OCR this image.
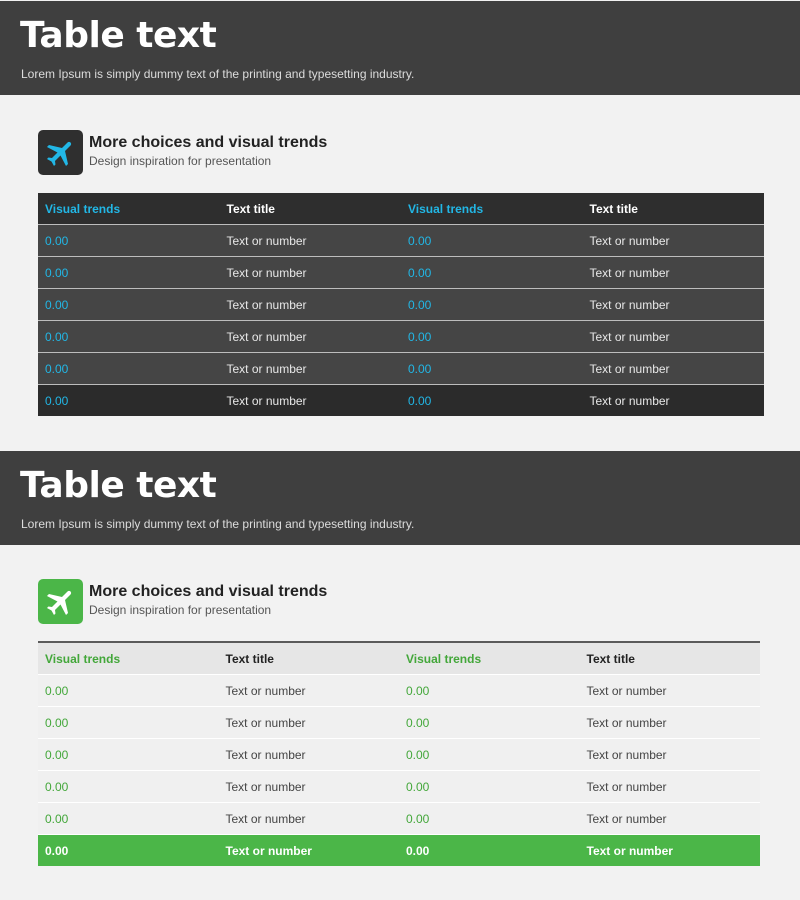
Table text
Lorem Ipsum is simply dummy text of the printing and typesetting industry.
More choices and visual trends
Design inspiration for presentation
Visual trends	Text title	Visual trends	Text title
0.00	Text or number	0.00	Text or number
0.00	Text or number	0.00	Text or number
0.00	Text or number	0.00	Text or number
0.00	Text or number	0.00	Text or number
0.00	Text or number	0.00	Text or number
0.00	Text or number	0.00	Text or number
Table text
Lorem Ipsum is simply dummy text of the printing and typesetting industry.
More choices and visual trends
Design inspiration for presentation
Visual trends	Text title	Visual trends	Text title
0.00	Text or number	0.00	Text or number
0.00	Text or number	0.00	Text or number
0.00	Text or number	0.00	Text or number
0.00	Text or number	0.00	Text or number
0.00	Text or number	0.00	Text or number
0.00	Text or number	0.00	Text or number
